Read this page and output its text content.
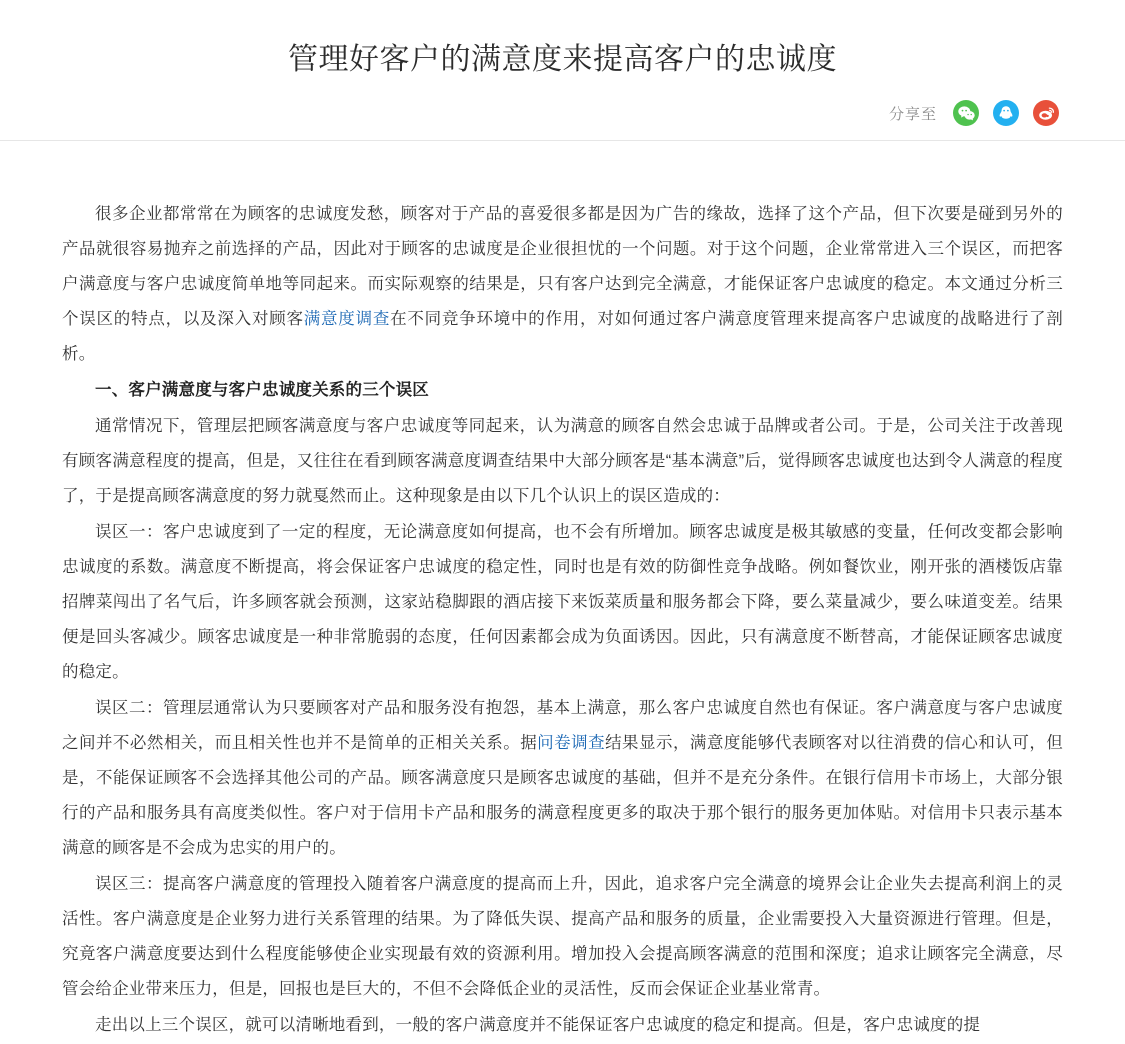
管理好客户的满意度来提高客户的忠诚度
分享至

很多企业都常常在为顾客的忠诚度发愁，顾客对于产品的喜爱很多都是因为广告的缘故，选择了这个产品，但下次要是碰到另外的产品就很容易抛弃之前选择的产品，因此对于顾客的忠诚度是企业很担忧的一个问题。对于这个问题，企业常常进入三个误区，而把客户满意度与客户忠诚度简单地等同起来。而实际观察的结果是，只有客户达到完全满意，才能保证客户忠诚度的稳定。本文通过分析三个误区的特点，以及深入对顾客满意度调查在不同竞争环境中的作用，对如何通过客户满意度管理来提高客户忠诚度的战略进行了剖析。

一、客户满意度与客户忠诚度关系的三个误区

通常情况下，管理层把顾客满意度与客户忠诚度等同起来，认为满意的顾客自然会忠诚于品牌或者公司。于是，公司关注于改善现有顾客满意程度的提高，但是，又往往在看到顾客满意度调查结果中大部分顾客是“基本满意”后，觉得顾客忠诚度也达到令人满意的程度了，于是提高顾客满意度的努力就戛然而止。这种现象是由以下几个认识上的误区造成的：

误区一：客户忠诚度到了一定的程度，无论满意度如何提高，也不会有所增加。顾客忠诚度是极其敏感的变量，任何改变都会影响忠诚度的系数。满意度不断提高，将会保证客户忠诚度的稳定性，同时也是有效的防御性竞争战略。例如餐饮业，刚开张的酒楼饭店靠招牌菜闯出了名气后，许多顾客就会预测，这家站稳脚跟的酒店接下来饭菜质量和服务都会下降，要么菜量减少，要么味道变差。结果便是回头客减少。顾客忠诚度是一种非常脆弱的态度，任何因素都会成为负面诱因。因此，只有满意度不断替高，才能保证顾客忠诚度的稳定。

误区二：管理层通常认为只要顾客对产品和服务没有抱怨，基本上满意，那么客户忠诚度自然也有保证。客户满意度与客户忠诚度之间并不必然相关，而且相关性也并不是简单的正相关关系。据问卷调查结果显示，满意度能够代表顾客对以往消费的信心和认可，但是，不能保证顾客不会选择其他公司的产品。顾客满意度只是顾客忠诚度的基础，但并不是充分条件。在银行信用卡市场上，大部分银行的产品和服务具有高度类似性。客户对于信用卡产品和服务的满意程度更多的取决于那个银行的服务更加体贴。对信用卡只表示基本满意的顾客是不会成为忠实的用户的。

误区三：提高客户满意度的管理投入随着客户满意度的提高而上升，因此，追求客户完全满意的境界会让企业失去提高利润上的灵活性。客户满意度是企业努力进行关系管理的结果。为了降低失误、提高产品和服务的质量，企业需要投入大量资源进行管理。但是，究竟客户满意度要达到什么程度能够使企业实现最有效的资源利用。增加投入会提高顾客满意的范围和深度；追求让顾客完全满意，尽管会给企业带来压力，但是，回报也是巨大的，不但不会降低企业的灵活性，反而会保证企业基业常青。

走出以上三个误区，就可以清晰地看到，一般的客户满意度并不能保证客户忠诚度的稳定和提高。但是，客户忠诚度的提
